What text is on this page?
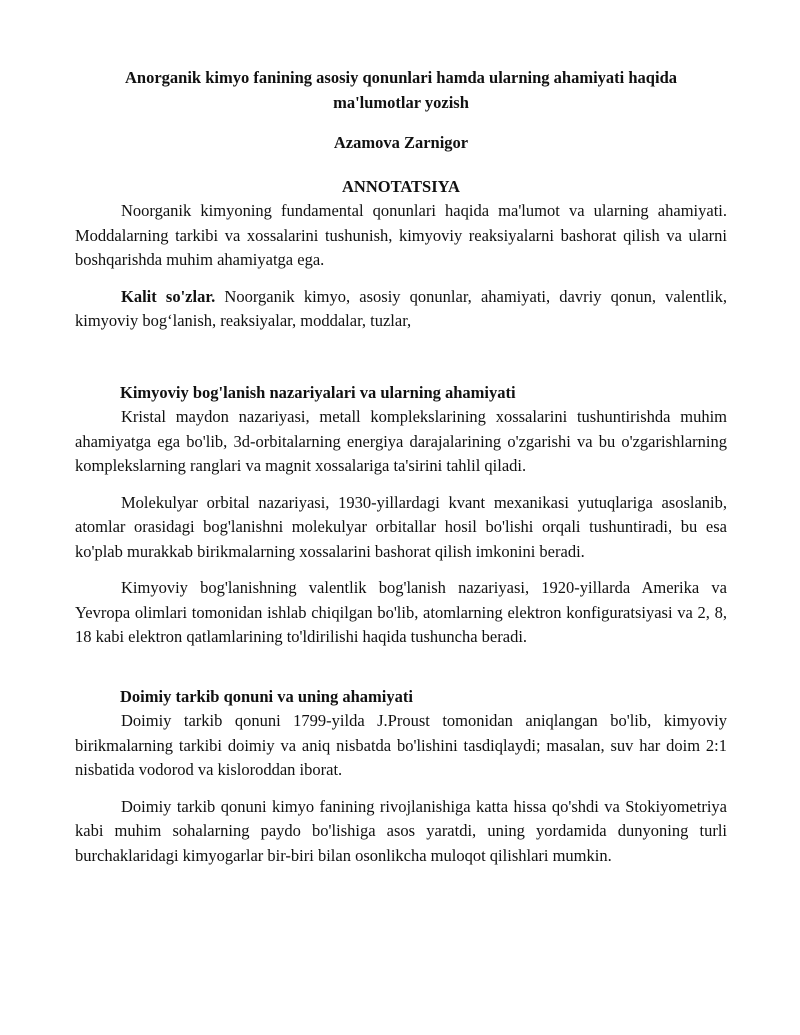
Anorganik kimyo fanining asosiy qonunlari hamda ularning ahamiyati haqida
ma'lumotlar yozish
Azamova Zarnigor
ANNOTATSIYA

Noorganik kimyoning fundamental qonunlari haqida ma'lumot va ularning ahamiyati. Moddalarning tarkibi va xossalarini tushunish, kimyoviy reaksiyalarni bashorat qilish va ularni boshqarishda muhim ahamiyatga ega.

Kalit so'zlar. Noorganik kimyo, asosiy qonunlar, ahamiyati, davriy qonun, valentlik, kimyoviy bog‘lanish, reaksiyalar, moddalar, tuzlar,

Kimyoviy bog'lanish nazariyalari va ularning ahamiyati

Kristal maydon nazariyasi, metall komplekslarining xossalarini tushuntirishda muhim ahamiyatga ega bo'lib, 3d-orbitalarning energiya darajalarining o'zgarishi va bu o'zgarishlarning komplekslarning ranglari va magnit xossalariga ta'sirini tahlil qiladi.

Molekulyar orbital nazariyasi, 1930-yillardagi kvant mexanikasi yutuqlariga asoslanib, atomlar orasidagi bog'lanishni molekulyar orbitallar hosil bo'lishi orqali tushuntiradi, bu esa ko'plab murakkab birikmalarning xossalarini bashorat qilish imkonini beradi.

Kimyoviy bog'lanishning valentlik bog'lanish nazariyasi, 1920-yillarda Amerika va Yevropa olimlari tomonidan ishlab chiqilgan bo'lib, atomlarning elektron konfiguratsiyasi va 2, 8, 18 kabi elektron qatlamlarining to'ldirilishi haqida tushuncha beradi.

Doimiy tarkib qonuni va uning ahamiyati

Doimiy tarkib qonuni 1799-yilda J.Proust tomonidan aniqlangan bo'lib, kimyoviy birikmalarning tarkibi doimiy va aniq nisbatda bo'lishini tasdiqlaydi; masalan, suv har doim 2:1 nisbatida vodorod va kisloroddan iborat.

Doimiy tarkib qonuni kimyo fanining rivojlanishiga katta hissa qo'shdi va Stokiyometriya kabi muhim sohalarning paydo bo'lishiga asos yaratdi, uning yordamida dunyoning turli burchaklaridagi kimyogarlar bir-biri bilan osonlikcha muloqot qilishlari mumkin.
